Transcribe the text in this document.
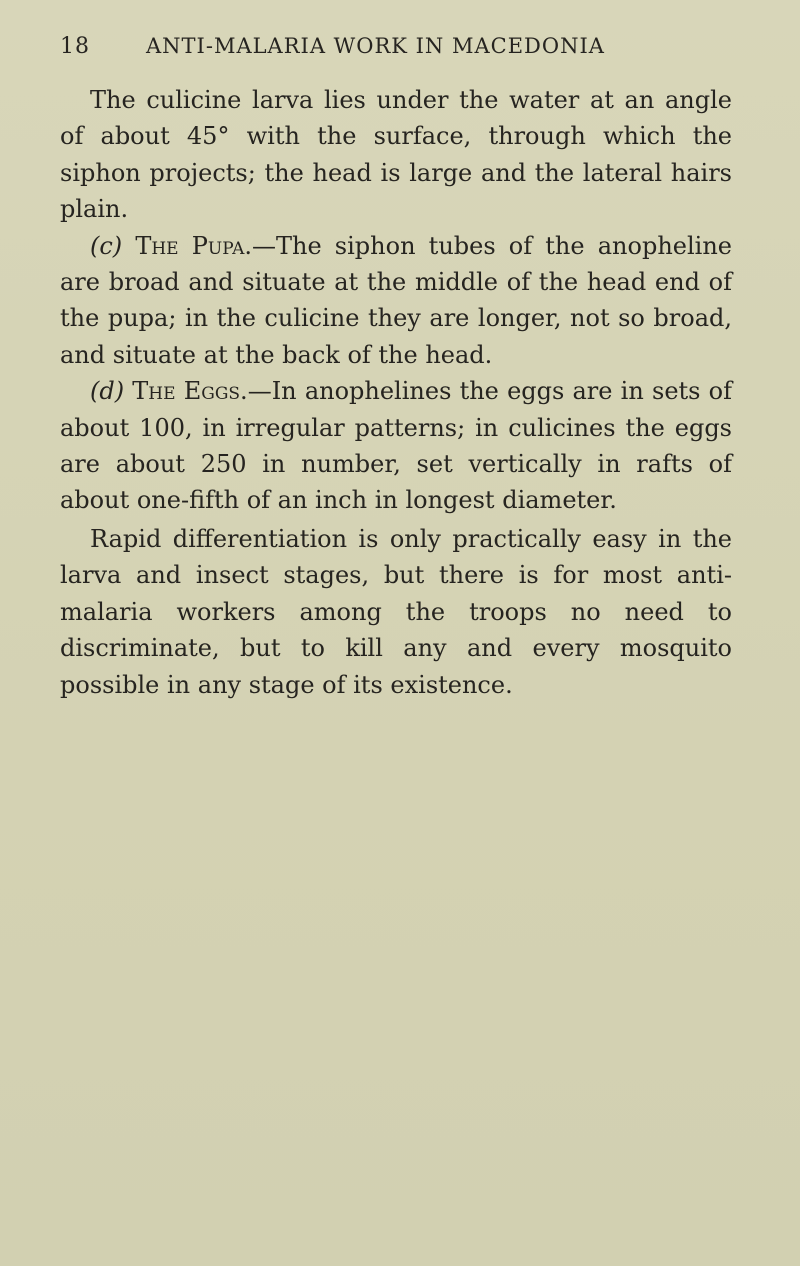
18	ANTI-MALARIA WORK IN MACEDONIA

The culicine larva lies under the water at an angle of about 45° with the surface, through which the siphon projects; the head is large and the lateral hairs plain.

(c) The Pupa.—The siphon tubes of the anopheline are broad and situate at the middle of the head end of the pupa; in the culicine they are longer, not so broad, and situate at the back of the head.

(d) The Eggs.—In anophelines the eggs are in sets of about 100, in irregular patterns; in culicines the eggs are about 250 in number, set vertically in rafts of about one-fifth of an inch in longest diameter.

Rapid differentiation is only practically easy in the larva and insect stages, but there is for most anti-malaria workers among the troops no need to discriminate, but to kill any and every mosquito possible in any stage of its existence.
